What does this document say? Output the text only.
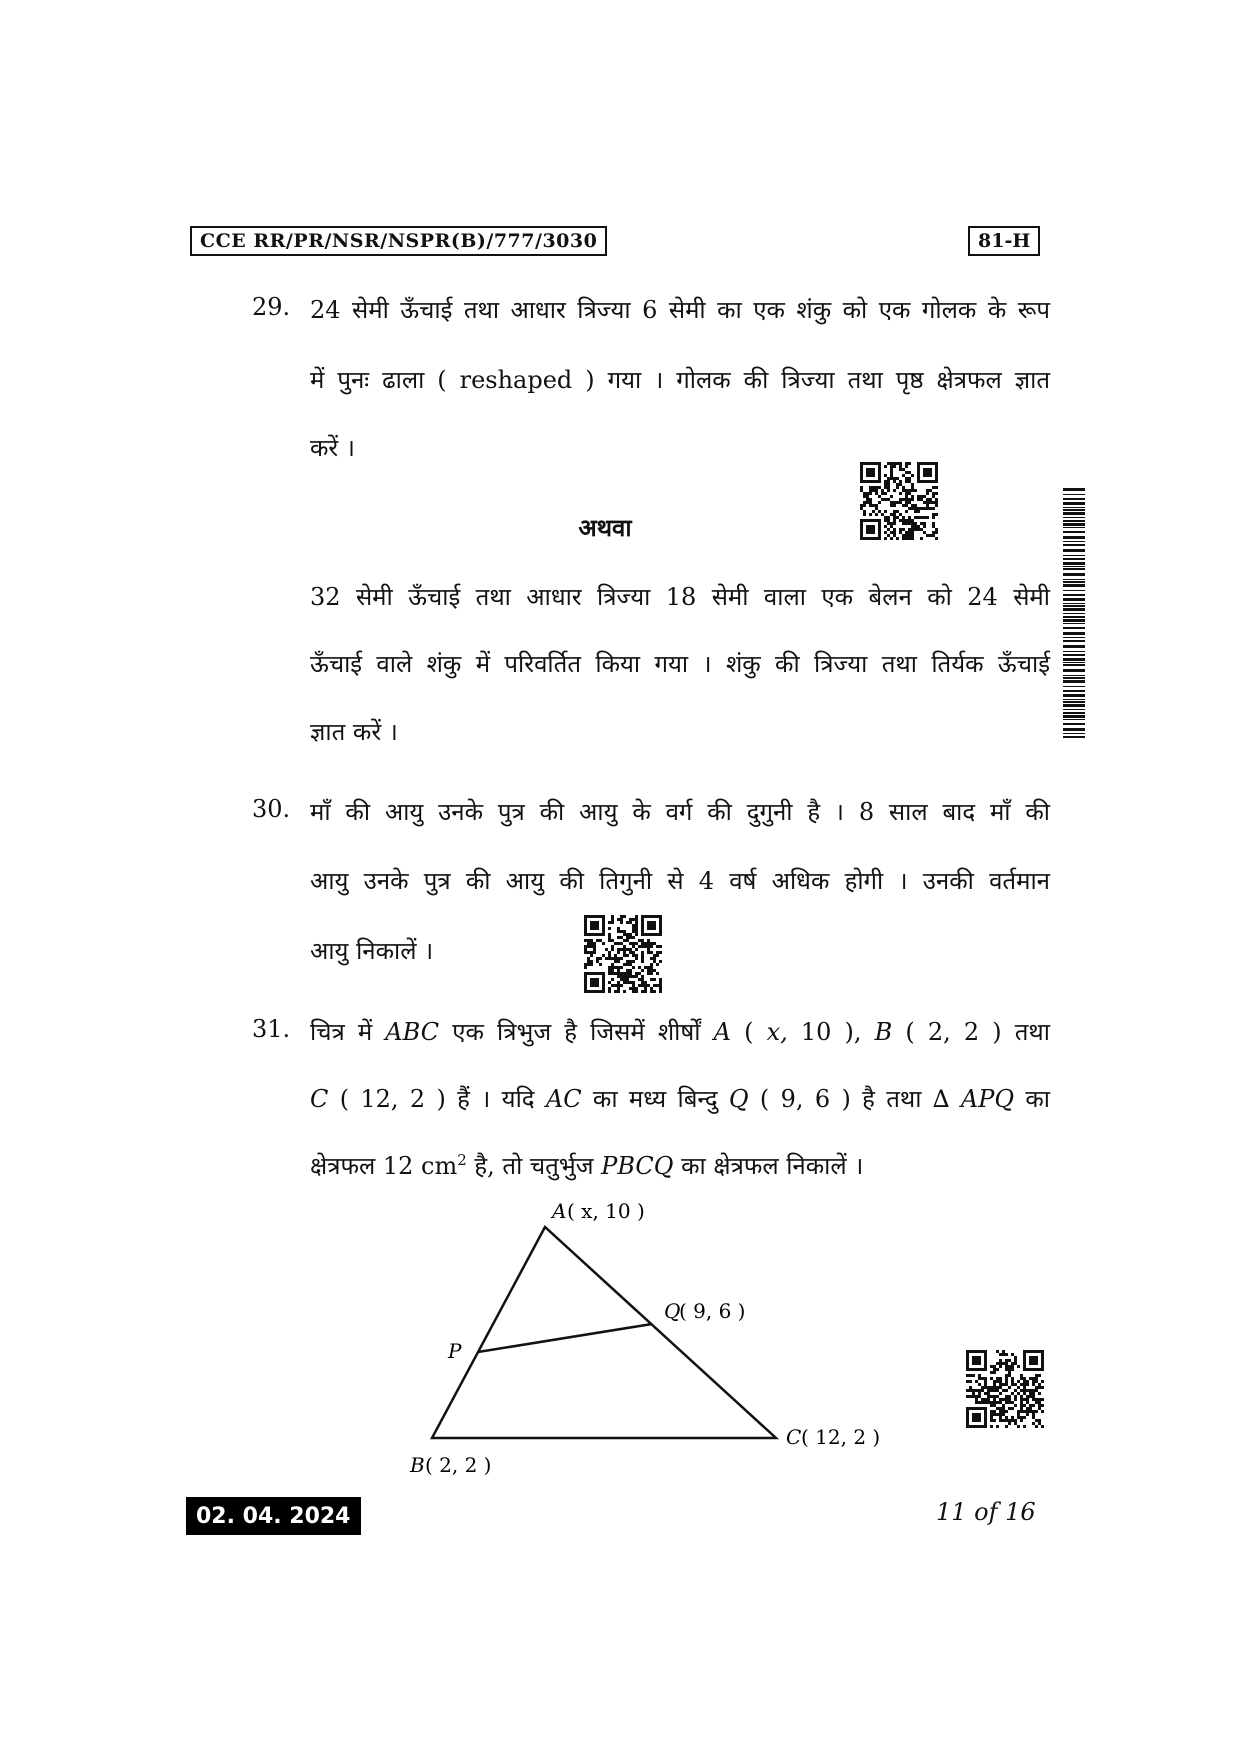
CCE RR/PR/NSR/NSPR(B)/777/3030	81-H
29. 24 सेमी ऊँचाई तथा आधार त्रिज्या 6 सेमी का एक शंकु को एक गोलक के रूप
में पुनः ढाला ( reshaped ) गया । गोलक की त्रिज्या तथा पृष्ठ क्षेत्रफल ज्ञात
करें ।
अथवा
32 सेमी ऊँचाई तथा आधार त्रिज्या 18 सेमी वाला एक बेलन को 24 सेमी
ऊँचाई वाले शंकु में परिवर्तित किया गया । शंकु की त्रिज्या तथा तिर्यक ऊँचाई
ज्ञात करें ।
30. माँ की आयु उनके पुत्र की आयु के वर्ग की दुगुनी है । 8 साल बाद माँ की
आयु उनके पुत्र की आयु की तिगुनी से 4 वर्ष अधिक होगी । उनकी वर्तमान
आयु निकालें ।
31. चित्र में ABC एक त्रिभुज है जिसमें शीर्षों A ( x, 10 ), B ( 2, 2 ) तथा
C ( 12, 2 ) हैं । यदि AC का मध्य बिन्दु Q ( 9, 6 ) है तथा ∆ APQ का
क्षेत्रफल 12 $cm^2$ है, तो चतुर्भुज PBCQ का क्षेत्रफल निकालें ।
A ( x, 10 )
Q
( 9, 6 )
P
B ( 2, 2 )
C ( 12, 2 )
02. 04. 2024	11 of 16
